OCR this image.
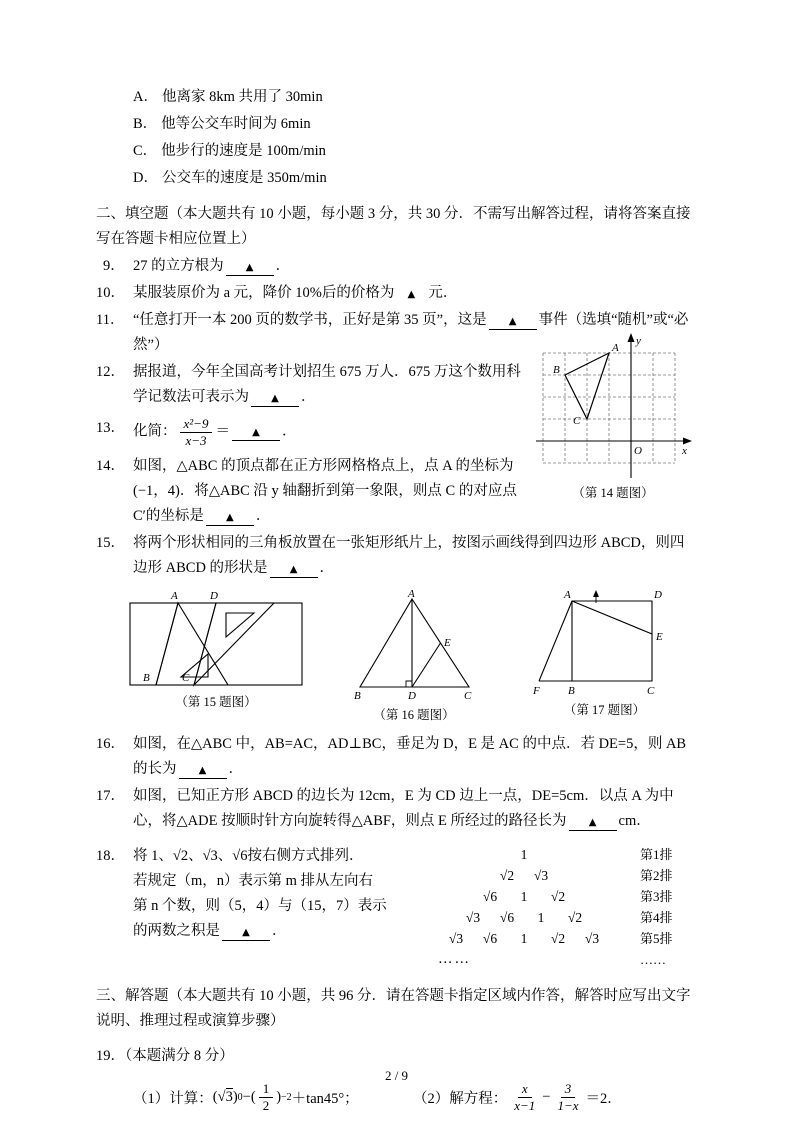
A． 他离家 8km 共用了 30min
B． 他等公交车时间为 6min
C． 他步行的速度是 100m/min
D． 公交车的速度是 350m/min
二、填空题（本大题共有 10 小题，每小题 3 分，共 30 分．不需写出解答过程，请将答案直接写在答题卡相应位置上）
9． 27 的立方根为 ▲ ．
10． 某服装原价为 a 元，降价 10%后的价格为 ▲ 元．
11． “任意打开一本 200 页的数学书，正好是第 35 页”，这是 ▲ 事件（选填“随机”或“必然”）	y
x
O
A
B
C
（第 14 题图）
12． 据报道，今年全国高考计划招生 675 万人．675 万这个数用科学记数法可表示为 ▲ ．
13． 化简： $\frac{\text{x²−9}}{x-3}$ ＝ ▲ ．
14． 如图，△ABC 的顶点都在正方形网格格点上，点 A 的坐标为(−1，4)．将△ABC 沿 y 轴翻折到第一象限，则点 C 的对应点 C′的坐标是 ▲ ．
15． 将两个形状相同的三角板放置在一张矩形纸片上，按图示画线得到四边形 ABCD，则四边形 ABCD 的形状是 ▲ ．
A	D
B	C
（第 15 题图）
A
E
B	D	C
（第 16 题图）
A	D
E
F	B	C
（第 17 题图）
16． 如图，在△ABC 中，AB=AC，AD⊥BC，垂足为 D，E 是 AC 的中点．若 DE=5，则 AB 的长为 ▲ ．
17． 如图，已知正方形 ABCD 的边长为 12cm，E 为 CD 边上一点，DE=5cm．以点 A 为中心，将△ADE 按顺时针方向旋转得△ABF，则点 E 所经过的路径长为 ▲ cm．
18． 将 1、√2、√3、√6按右侧方式排列．
若规定（m，n）表示第 m 排从左向右
第 n 个数，则（5，4）与（15，7）表示
的两数之积是 ▲ ．
1
√2	√3
√6	1	√2
√3	√6	1	√2
√3	√6	1	√2	√3
……
第1排
第2排
第3排
第4排
第5排
……
三、解答题（本大题共有 10 小题，共 96 分．请在答题卡指定区域内作答，解答时应写出文字说明、推理过程或演算步骤）
19．（本题满分 8 分）
（1）计算： ( √3 ) 0 − ( $\frac{1}{2}$ ) −2 ＋tan45°；	（2）解方程： $\frac{x}{x-1} - \frac{3}{1-x} =2$．
2 / 9
